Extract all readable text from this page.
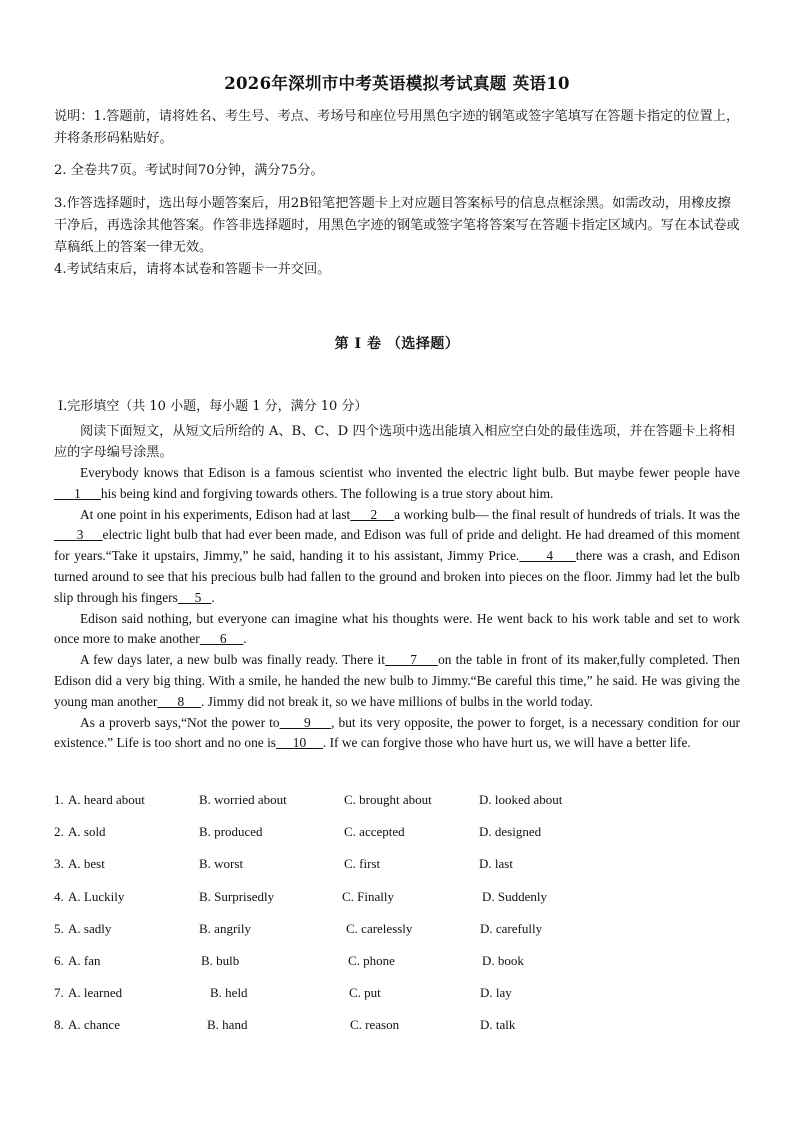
2026年深圳市中考英语模拟考试真题 英语10

说明：1.答题前，请将姓名、考生号、考点、考场号和座位号用黑色字迹的钢笔或签字笔填写在答题卡指定的位置上，并将条形码粘贴好。

2. 全卷共7页。考试时间70分钟，满分75分。

3.作答选择题时，选出每小题答案后，用2B铅笔把答题卡上对应题目答案标号的信息点框涂黑。如需改动，用橡皮擦干净后，再选涂其他答案。作答非选择题时，用黑色字迹的钢笔或签字笔将答案写在答题卡指定区域内。写在本试卷或草稿纸上的答案一律无效。

4.考试结束后，请将本试卷和答题卡一并交回。

第 I 卷 （选择题）
Ⅰ.完形填空（共 10 小题，每小题 1 分，满分 10 分）
阅读下面短文，从短文后所给的 A、B、C、D 四个选项中选出能填入相应空白处的最佳选项，并在答题卡上将相应的字母编号涂黑。

Everybody knows that Edison is a famous scientist who invented the electric light bulb. But maybe fewer people have      1 his being kind and forgiving towards others. The following is a true story about him.

At one point in his experiments, Edison had at last 2 a working bulb— the final result of hundreds of trials. It was the      3 electric light bulb that had ever been made, and Edison was full of pride and delight. He had dreamed of this moment for years.“Take it upstairs, Jimmy,” he said, handing it to his assistant, Jimmy Price. 4 there was a crash, and Edison turned around to see that his precious bulb had fallen to the ground and broken into pieces on the floor. Jimmy had let the bulb slip through his fingers 5 .

Edison said nothing, but everyone can imagine what his thoughts were. He went back to his work table and set to work once more to make another 6 .

A few days later, a new bulb was finally ready. There it 7 on the table in front of its maker,fully completed. Then Edison did a very big thing. With a smile, he handed the new bulb to Jimmy.“Be careful this time,” he said. He was giving the young man another 8 . Jimmy did not break it, so we have millions of bulbs in the world today.

As a proverb says,“Not the power to 9 , but its very opposite, the power to forget, is a necessary condition for our existence.” Life is too short and no one is 10 . If we can forgive those who have hurt us, we will have a better life.

1. A. heard about	B. worried about	C. brought about	D. looked about
2. A. sold	B. produced	C. accepted	D. designed
3. A. best	B. worst	C. first	D. last
4. A. Luckily	B. Surprisedly	C. Finally	D. Suddenly
5. A. sadly	B. angrily	C. carelessly	D. carefully
6. A. fan	B. bulb	C. phone	D. book
7. A. learned	B. held	C. put	D. lay
8. A. chance	B. hand	C. reason	D. talk
